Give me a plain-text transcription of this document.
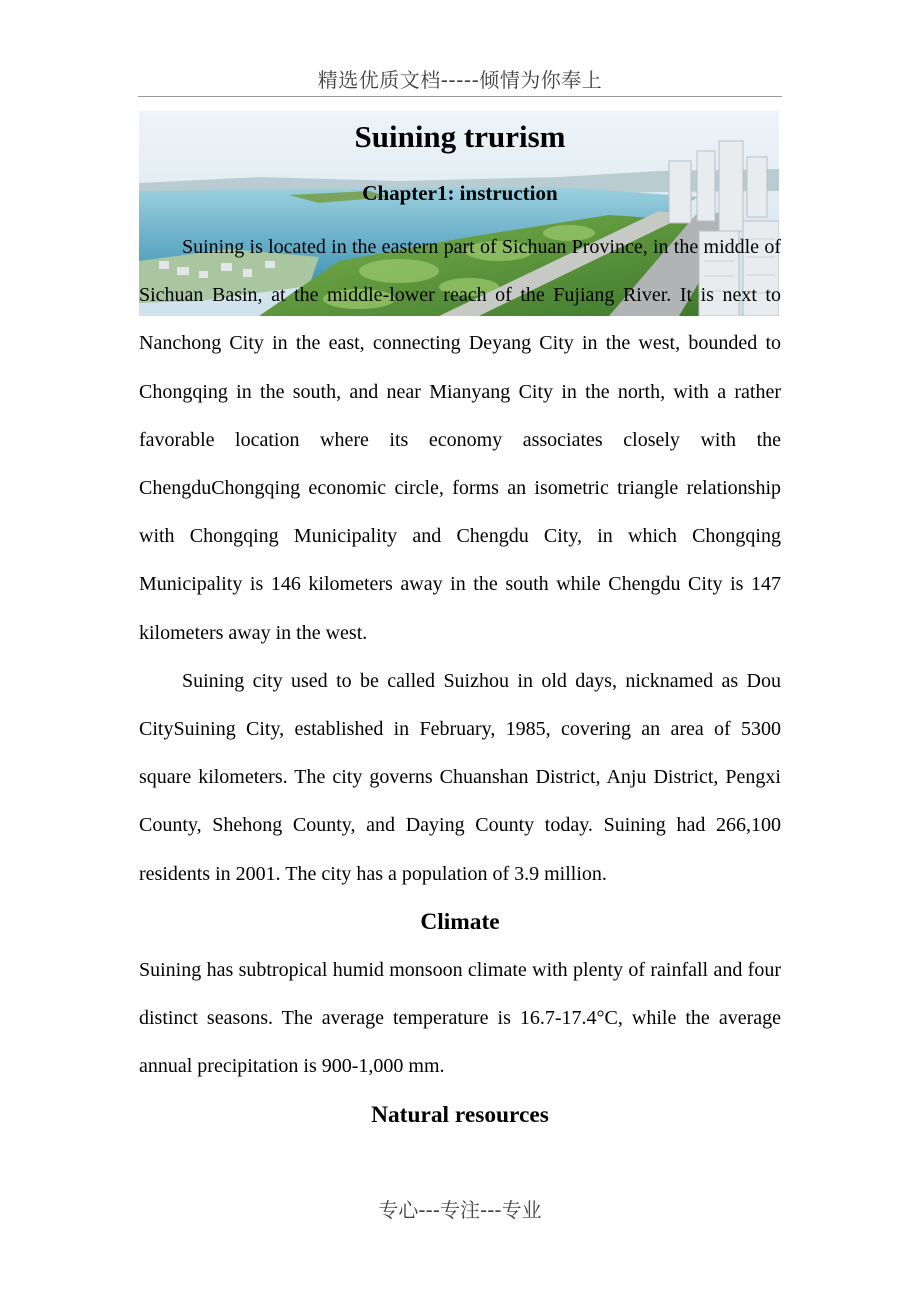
精选优质文档-----倾情为你奉上
Suining trurism
Chapter1: instruction

Suining is located in the eastern part of Sichuan Province, in the middle of Sichuan Basin, at the middle-lower reach of the Fujiang River. It is next to Nanchong City in the east, connecting Deyang City in the west, bounded to Chongqing in the south, and near Mianyang City in the north, with a rather favorable location where its economy associates closely with the ChengduChongqing economic circle, forms an isometric triangle relationship with Chongqing Municipality and Chengdu City, in which Chongqing Municipality is 146 kilometers away in the south while Chengdu City is 147 kilometers away in the west.

Suining city used to be called Suizhou in old days, nicknamed as Dou CitySuining City, established in February, 1985, covering an area of 5300 square kilometers. The city governs Chuanshan District, Anju District, Pengxi County, Shehong County, and Daying County today. Suining had 266,100 residents in 2001. The city has a population of 3.9 million.

Climate

Suining has subtropical humid monsoon climate with plenty of rainfall and four distinct seasons. The average temperature is 16.7-17.4°C, while the average annual precipitation is 900-1,000 mm.

Natural resources
专心---专注---专业
